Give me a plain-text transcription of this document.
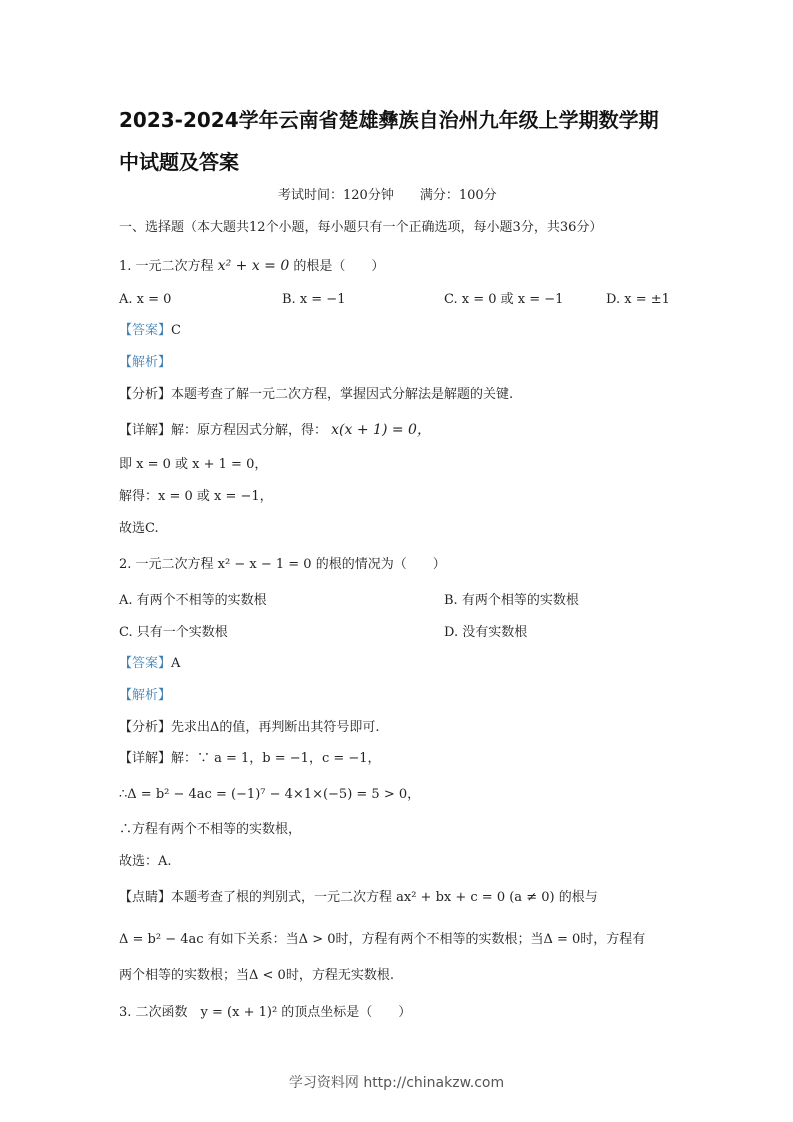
2023-2024学年云南省楚雄彝族自治州九年级上学期数学期
中试题及答案
考试时间：120分钟　　满分：100分
一、选择题（本大题共12个小题，每小题只有一个正确选项，每小题3分，共36分）
1. 一元二次方程 x² + x = 0 的根是（　　）
A. x = 0	B. x = −1	C. x = 0 或 x = −1	D. x = ±1
【答案】C
【解析】
【分析】本题考查了解一元二次方程，掌握因式分解法是解题的关键.
【详解】解：原方程因式分解，得： x(x + 1) = 0，
即 x = 0 或 x + 1 = 0，
解得：x = 0 或 x = −1，
故选C.
2. 一元二次方程 x² − x − 1 = 0 的根的情况为（　　）
A. 有两个不相等的实数根	B. 有两个相等的实数根
C. 只有一个实数根	D. 没有实数根
【答案】A
【解析】
【分析】先求出Δ的值，再判断出其符号即可.
【详解】解：∵ a = 1，b = −1，c = −1，
∴Δ = b² − 4ac = (−1)⁷ − 4×1×(−5) = 5 > 0，
∴方程有两个不相等的实数根，
故选：A.
【点睛】本题考查了根的判别式，一元二次方程 ax² + bx + c = 0 (a ≠ 0) 的根与
Δ = b² − 4ac 有如下关系：当Δ > 0时，方程有两个不相等的实数根；当Δ = 0时，方程有
两个相等的实数根；当Δ < 0时，方程无实数根.
3. 二次函数　y = (x + 1)² 的顶点坐标是（　　）
学习资料网 http://chinakzw.com
